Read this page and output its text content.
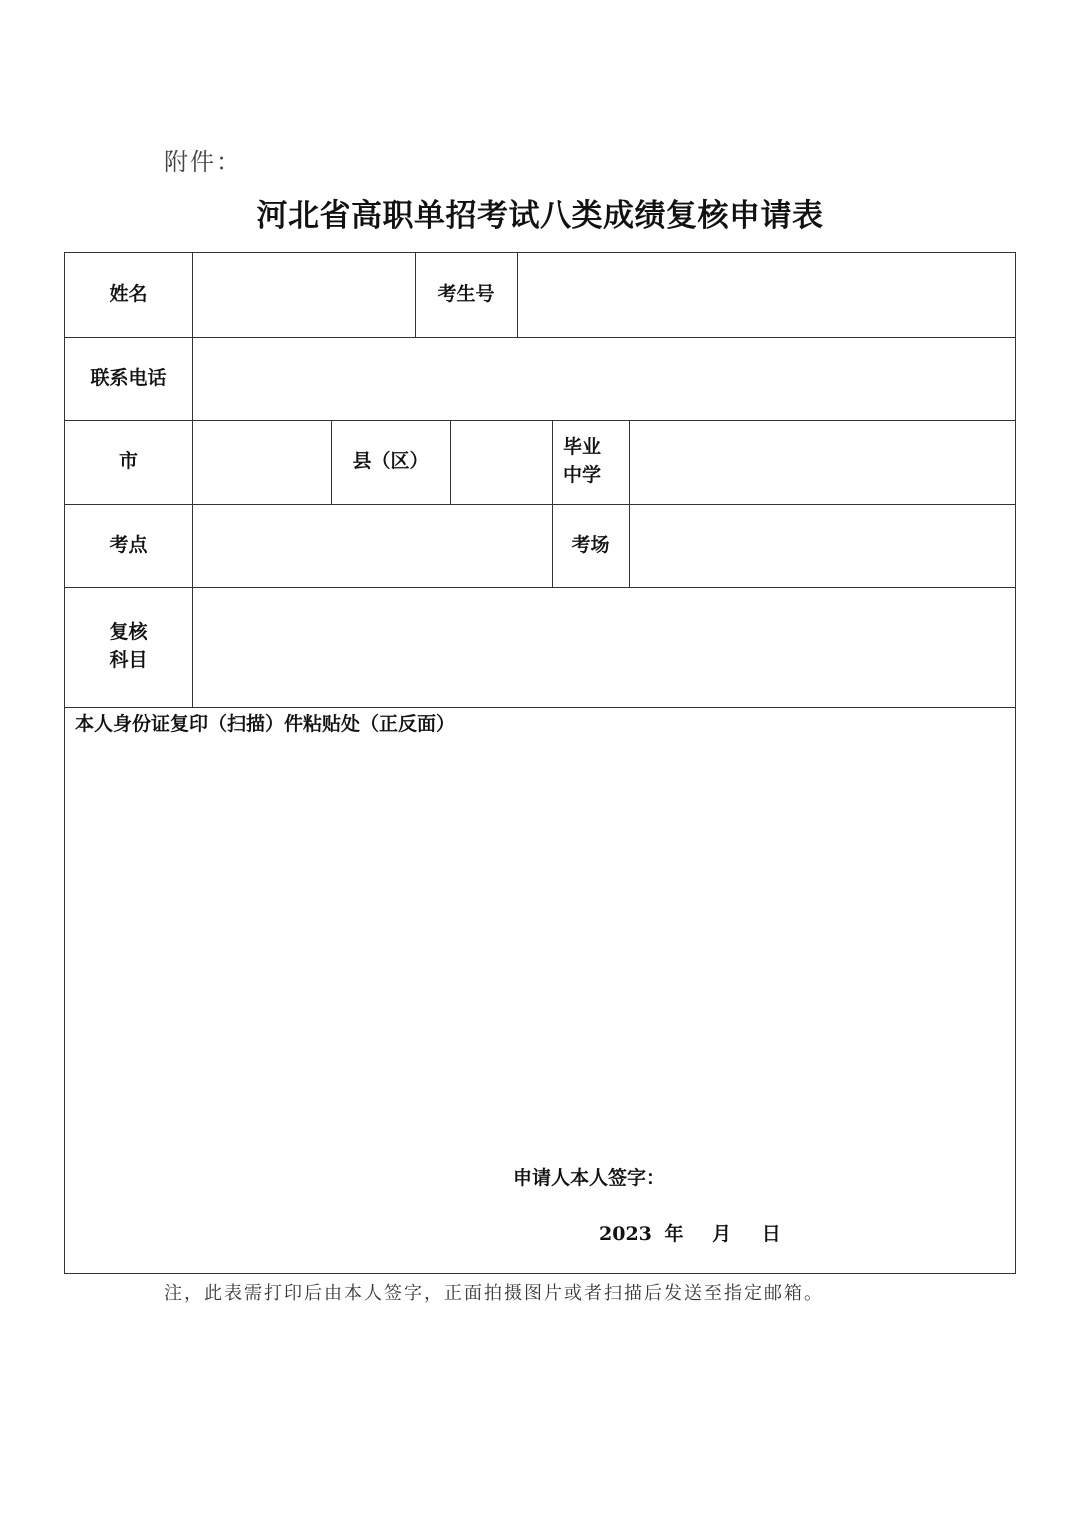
附件：
河北省高职单招考试八类成绩复核申请表
姓名	考生号
联系电话
市	县（区）
毕业
中学
考点	考场
复核
科目
本人身份证复印（扫描）件粘贴处（正反面）
申请人本人签字：
2023 年 月 日
注，此表需打印后由本人签字，正面拍摄图片或者扫描后发送至指定邮箱。
